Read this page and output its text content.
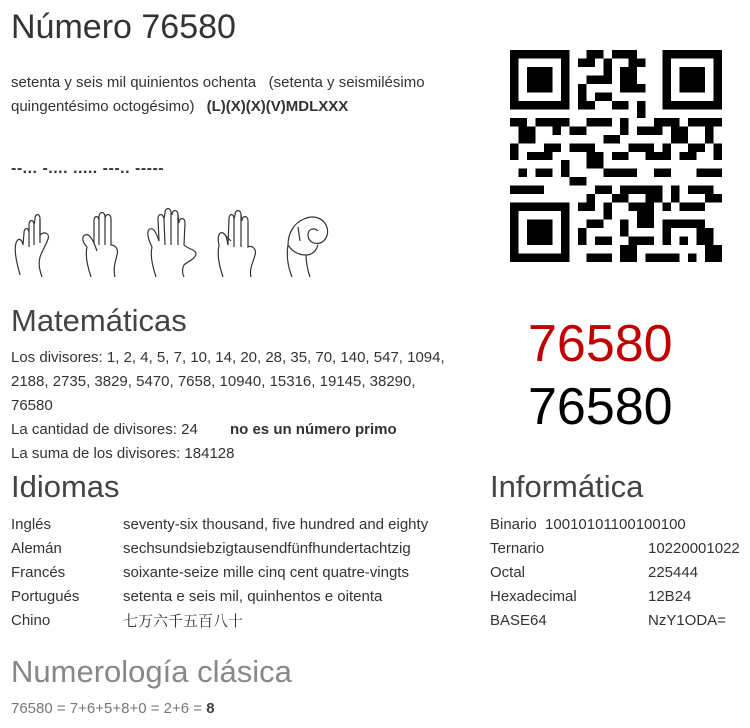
Número 76580
setenta y seis mil quinientos ochenta (setenta y seismilésimo quingentésimo octogésimo) (L)(X)(X)(V)MDLXXX
--... -.... ..... ---.. -----
Matemáticas
Los divisores: 1, 2, 4, 5, 7, 10, 14, 20, 28, 35, 70, 140, 547, 1094, 2188, 2735, 3829, 5470, 7658, 10940, 15316, 19145, 38290, 76580
La cantidad de divisores: 24 no es un número primo
La suma de los divisores: 184128
76580
76580
Idiomas
Inglés	seventy-six thousand, five hundred and eighty
Alemán	sechsundsiebzigtausendfünfhundertachtzig
Francés	soixante-seize mille cinq cent quatre-vingts
Portugués	setenta e seis mil, quinhentos e oitenta
Chino	七万六千五百八十
Informática
Binario 10010101100100100	
Ternario	10220001022
Octal	225444
Hexadecimal	12B24
BASE64	NzY1ODA=
Numerología clásica
76580 = 7+6+5+8+0 = 2+6 = 8
